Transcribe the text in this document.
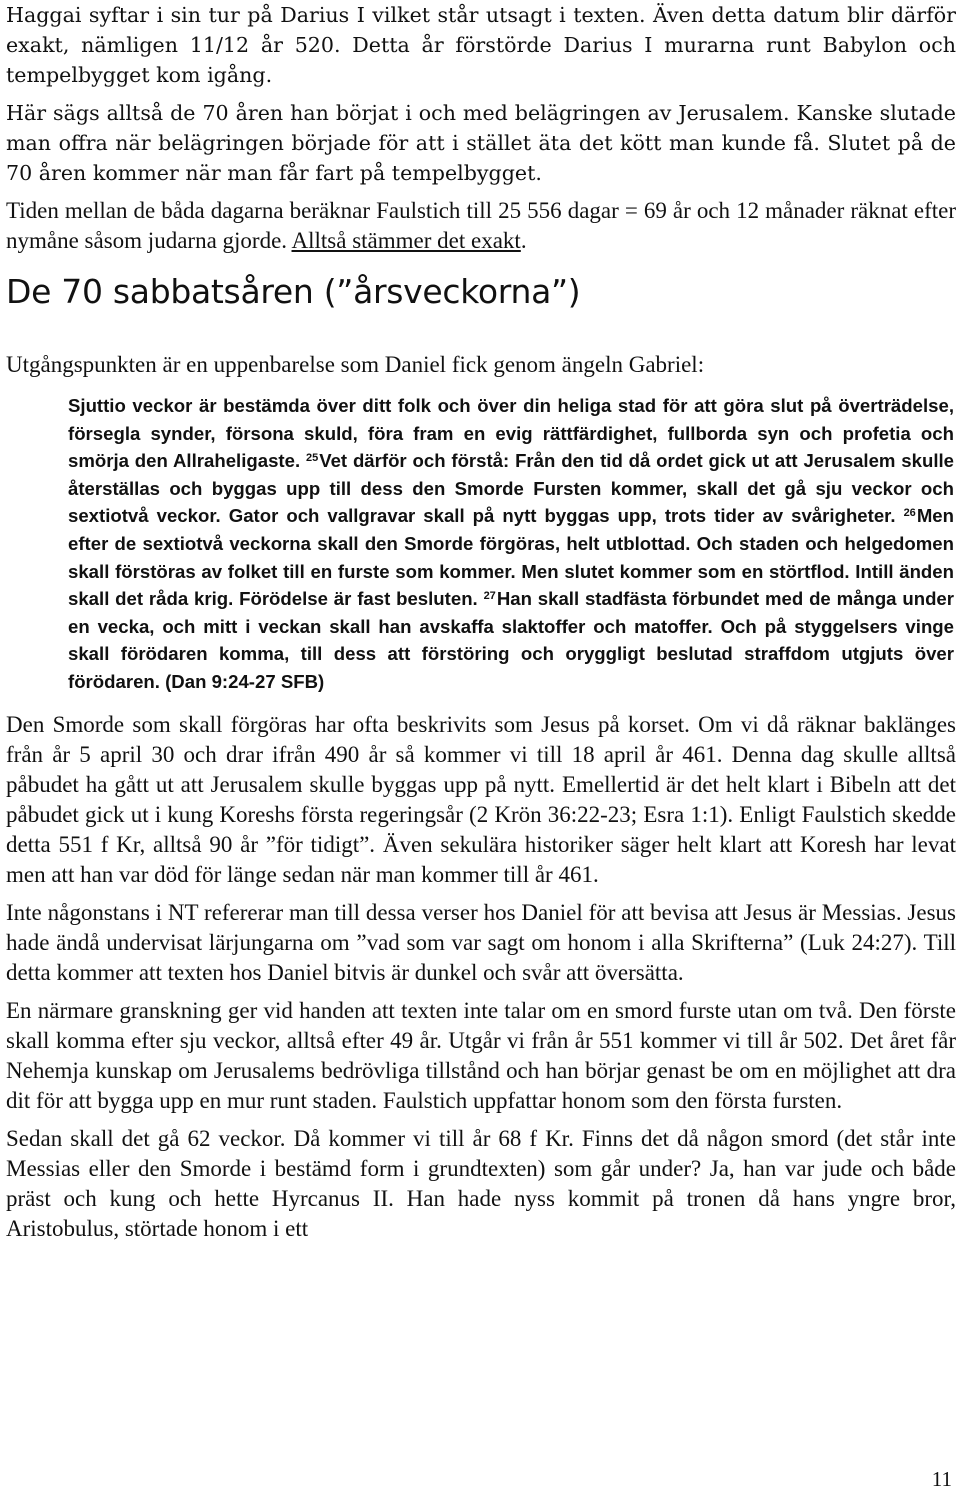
Haggai syftar i sin tur på Darius I vilket står utsagt i texten. Även detta datum blir därför exakt, nämligen 11/12 år 520. Detta år förstörde Darius I murarna runt Babylon och tempelbygget kom igång.

Här sägs alltså de 70 åren han börjat i och med belägringen av Jerusalem. Kanske slutade man offra när belägringen började för att i stället äta det kött man kunde få. Slutet på de 70 åren kommer när man får fart på tempelbygget.

Tiden mellan de båda dagarna beräknar Faulstich till 25 556 dagar = 69 år och 12 månader räknat efter nymåne såsom judarna gjorde. Alltså stämmer det exakt.

De 70 sabbatsåren (”årsveckorna”)

Utgångspunkten är en uppenbarelse som Daniel fick genom ängeln Gabriel:

Sjuttio veckor är bestämda över ditt folk och över din heliga stad för att göra slut på överträdelse, försegla synder, försona skuld, föra fram en evig rättfärdighet, fullborda syn och profetia och smörja den Allraheligaste. $^{25}$Vet därför och förstå: Från den tid då ordet gick ut att Jerusalem skulle återställas och byggas upp till dess den Smorde Fursten kommer, skall det gå sju veckor och sextiotvå veckor. Gator och vallgravar skall på nytt byggas upp, trots tider av svårigheter. $^{26}$Men efter de sextiotvå veckorna skall den Smorde förgöras, helt utblottad. Och staden och helgedomen skall förstöras av folket till en furste som kommer. Men slutet kommer som en störtflod. Intill änden skall det råda krig. Förödelse är fast besluten. $^{27}$Han skall stadfästa förbundet med de många under en vecka, och mitt i veckan skall han avskaffa slaktoffer och matoffer. Och på styggelsers vinge skall förödaren komma, till dess att förstöring och oryggligt beslutad straffdom utgjuts över förödaren. (Dan 9:24-27 SFB)

Den Smorde som skall förgöras har ofta beskrivits som Jesus på korset. Om vi då räknar baklänges från år 5 april 30 och drar ifrån 490 år så kommer vi till 18 april år 461. Denna dag skulle alltså påbudet ha gått ut att Jerusalem skulle byggas upp på nytt. Emellertid är det helt klart i Bibeln att det påbudet gick ut i kung Koreshs första regeringsår (2 Krön 36:22-23; Esra 1:1). Enligt Faulstich skedde detta 551 f Kr, alltså 90 år ”för tidigt”. Även sekulära historiker säger helt klart att Koresh har levat men att han var död för länge sedan när man kommer till år 461.

Inte någonstans i NT refererar man till dessa verser hos Daniel för att bevisa att Jesus är Messias. Jesus hade ändå undervisat lärjungarna om ”vad som var sagt om honom i alla Skrifterna” (Luk 24:27). Till detta kommer att texten hos Daniel bitvis är dunkel och svår att översätta.

En närmare granskning ger vid handen att texten inte talar om en smord furste utan om två. Den förste skall komma efter sju veckor, alltså efter 49 år. Utgår vi från år 551 kommer vi till år 502. Det året får Nehemja kunskap om Jerusalems bedrövliga tillstånd och han börjar genast be om en möjlighet att dra dit för att bygga upp en mur runt staden. Faulstich uppfattar honom som den första fursten.

Sedan skall det gå 62 veckor. Då kommer vi till år 68 f Kr. Finns det då någon smord (det står inte Messias eller den Smorde i bestämd form i grundtexten) som går under? Ja, han var jude och både präst och kung och hette Hyrcanus II. Han hade nyss kommit på tronen då hans yngre bror, Aristobulus, störtade honom i ett

11
